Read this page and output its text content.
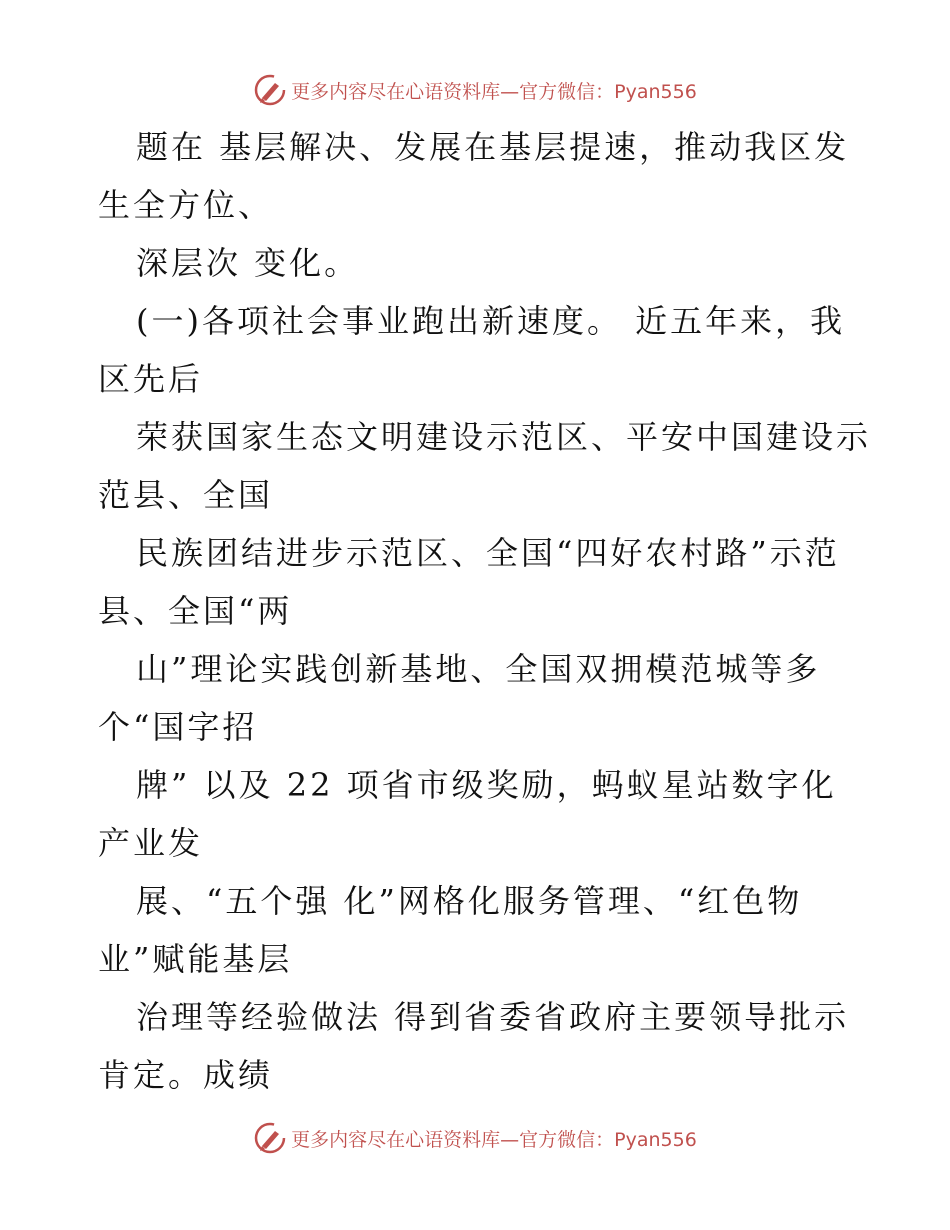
更多内容尽在心语资料库—官方微信：Pyan556
题在 基层解决、发展在基层提速，推动我区发
生全方位、
深层次 变化。
(一)各项社会事业跑出新速度。 近五年来，我
区先后
荣获国家生态文明建设示范区、平安中国建设示
范县、全国
民族团结进步示范区、全国“四好农村路”示范
县、全国“两
山”理论实践创新基地、全国双拥模范城等多
个“国字招
牌” 以及 22 项省市级奖励，蚂蚁星站数字化
产业发
展、“五个强 化”网格化服务管理、“红色物
业”赋能基层
治理等经验做法 得到省委省政府主要领导批示
肯定。成绩
更多内容尽在心语资料库—官方微信：Pyan556
